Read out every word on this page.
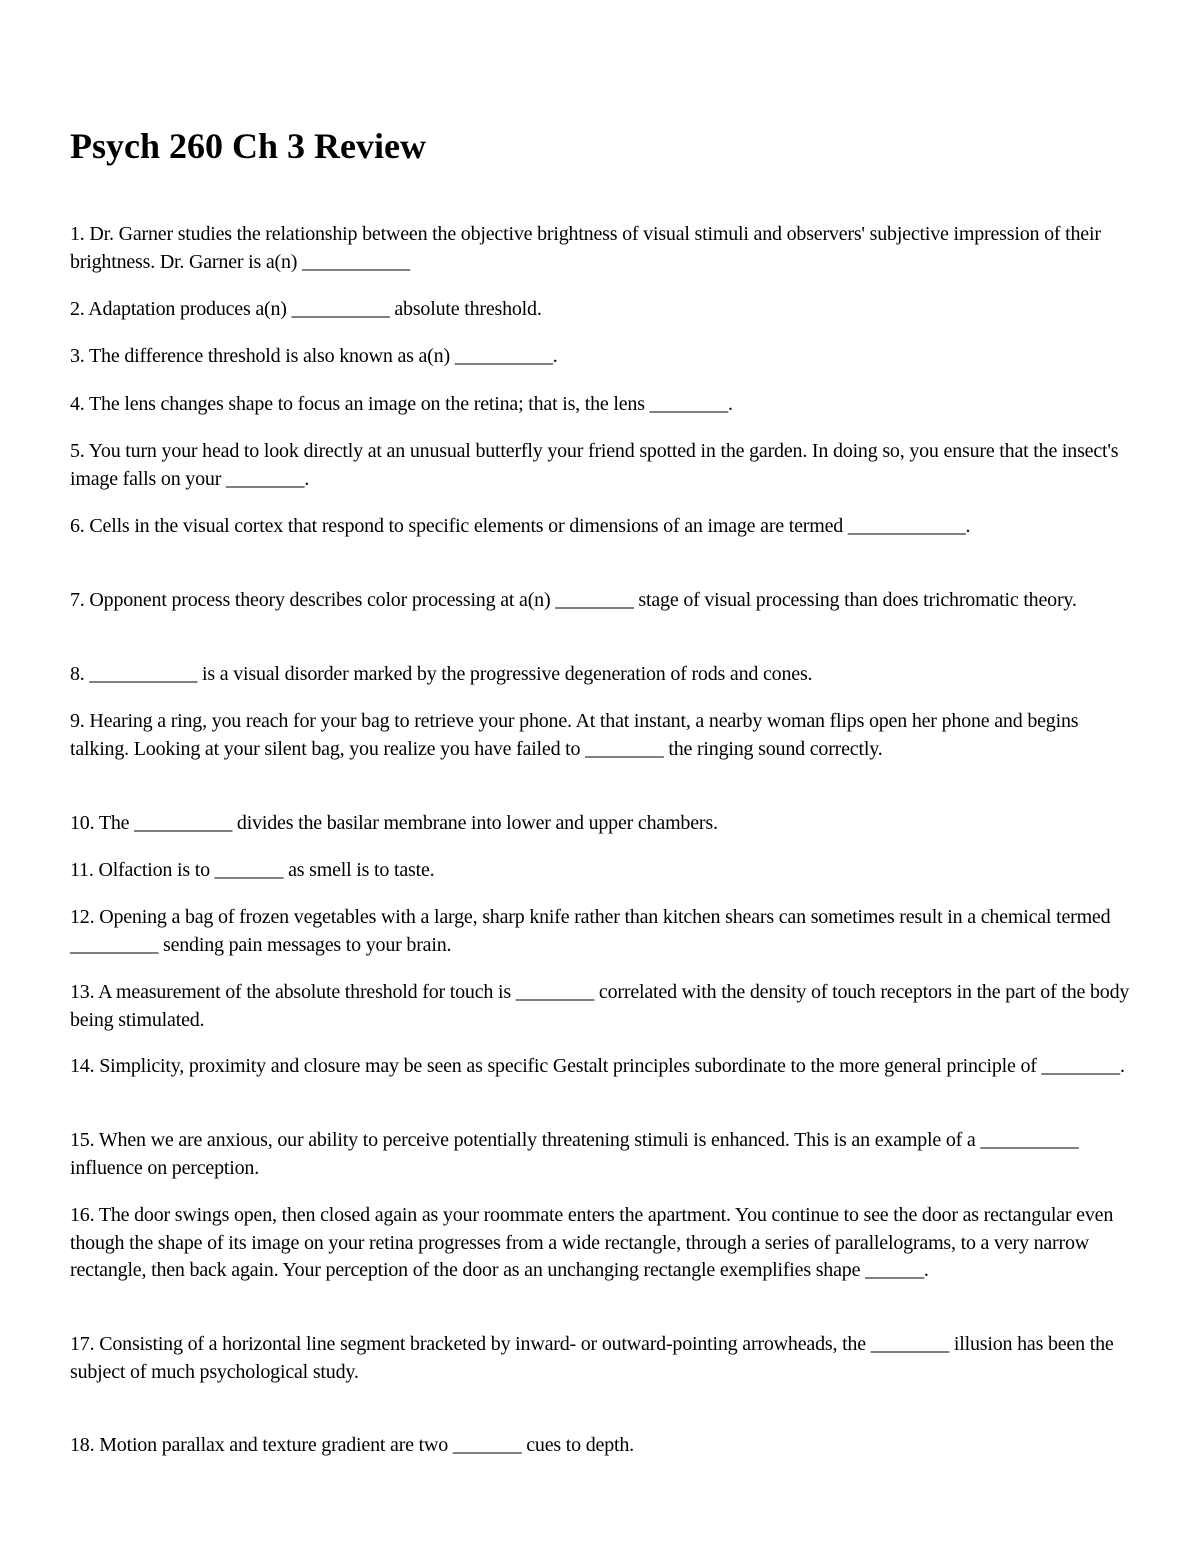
Psych 260 Ch 3 Review

1. Dr. Garner studies the relationship between the objective brightness of visual stimuli and observers' subjective impression of their brightness. Dr. Garner is a(n) ___________

2. Adaptation produces a(n) __________ absolute threshold.

3. The difference threshold is also known as a(n) __________.

4. The lens changes shape to focus an image on the retina; that is, the lens ________.

5. You turn your head to look directly at an unusual butterfly your friend spotted in the garden. In doing so, you ensure that the insect's image falls on your ________.

6. Cells in the visual cortex that respond to specific elements or dimensions of an image are termed ____________.

7. Opponent process theory describes color processing at a(n) ________ stage of visual processing than does trichromatic theory.

8. ___________ is a visual disorder marked by the progressive degeneration of rods and cones.

9. Hearing a ring, you reach for your bag to retrieve your phone. At that instant, a nearby woman flips open her phone and begins talking. Looking at your silent bag, you realize you have failed to ________ the ringing sound correctly.

10. The __________ divides the basilar membrane into lower and upper chambers.

11. Olfaction is to _______ as smell is to taste.

12. Opening a bag of frozen vegetables with a large, sharp knife rather than kitchen shears can sometimes result in a chemical termed _________ sending pain messages to your brain.

13. A measurement of the absolute threshold for touch is ________ correlated with the density of touch receptors in the part of the body being stimulated.

14. Simplicity, proximity and closure may be seen as specific Gestalt principles subordinate to the more general principle of ________.

15. When we are anxious, our ability to perceive potentially threatening stimuli is enhanced. This is an example of a __________ influence on perception.

16. The door swings open, then closed again as your roommate enters the apartment. You continue to see the door as rectangular even though the shape of its image on your retina progresses from a wide rectangle, through a series of parallelograms, to a very narrow rectangle, then back again. Your perception of the door as an unchanging rectangle exemplifies shape ______.

17. Consisting of a horizontal line segment bracketed by inward- or outward-pointing arrowheads, the ________ illusion has been the subject of much psychological study.

18. Motion parallax and texture gradient are two _______ cues to depth.
